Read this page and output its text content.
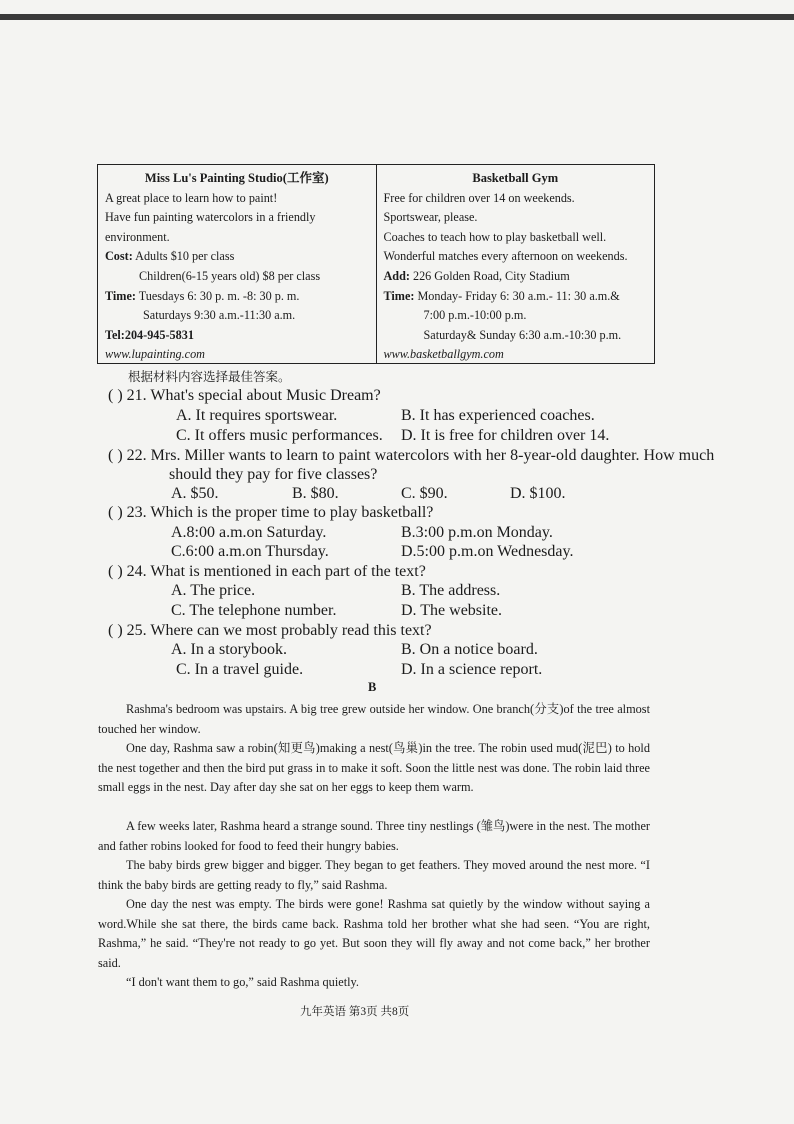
Miss Lu's Painting Studio(工作室)
A great place to learn how to paint!
Have fun painting watercolors in a friendly
environment.
Cost: Adults $10 per class
Children(6-15 years old) $8 per class
Time: Tuesdays 6: 30 p. m. -8: 30 p. m.
Saturdays 9:30 a.m.-11:30 a.m.
Tel:204-945-5831
www.lupainting.com
Basketball Gym
Free for children over 14 on weekends.
Sportswear, please.
Coaches to teach how to play basketball well.
Wonderful matches every afternoon on weekends.
Add: 226 Golden Road, City Stadium
Time: Monday- Friday 6: 30 a.m.- 11: 30 a.m.&
7:00 p.m.-10:00 p.m.
Saturday& Sunday 6:30 a.m.-10:30 p.m.
www.basketballgym.com
根据材料内容选择最佳答案。
( ) 21. What's special about Music Dream?
A. It requires sportswear.	B. It has experienced coaches.
C. It offers music performances. D. It is free for children over 14.
( ) 22. Mrs. Miller wants to learn to paint watercolors with her 8-year-old daughter. How much
should they pay for five classes?
A. $50.	B. $80.	C. $90.	D. $100.
( ) 23. Which is the proper time to play basketball?
A.8:00 a.m.on Saturday.	B.3:00 p.m.on Monday.
C.6:00 a.m.on Thursday.	D.5:00 p.m.on Wednesday.
( ) 24. What is mentioned in each part of the text?
A. The price.	B. The address.
C. The telephone number.	D. The website.
( ) 25. Where can we most probably read this text?
A. In a storybook.	B. On a notice board.
C. In a travel guide.	D. In a science report.
B
Rashma's bedroom was upstairs. A big tree grew outside her window. One branch(分支)of the tree almost touched her window.
One day, Rashma saw a robin(知更鸟)making a nest(鸟巢)in the tree. The robin used mud(泥巴) to hold the nest together and then the bird put grass in to make it soft. Soon the little nest was done. The robin laid three small eggs in the nest. Day after day she sat on her eggs to keep them warm.
A few weeks later, Rashma heard a strange sound. Three tiny nestlings (雏鸟)were in the nest. The mother and father robins looked for food to feed their hungry babies.
The baby birds grew bigger and bigger. They began to get feathers. They moved around the nest more. “I think the baby birds are getting ready to fly,” said Rashma.
One day the nest was empty. The birds were gone! Rashma sat quietly by the window without saying a word.While she sat there, the birds came back. Rashma told her brother what she had seen. “You are right, Rashma,” he said. “They're not ready to go yet. But soon they will fly away and not come back,” her brother said.
“I don't want them to go,” said Rashma quietly.
九年英语 第3页 共8页
